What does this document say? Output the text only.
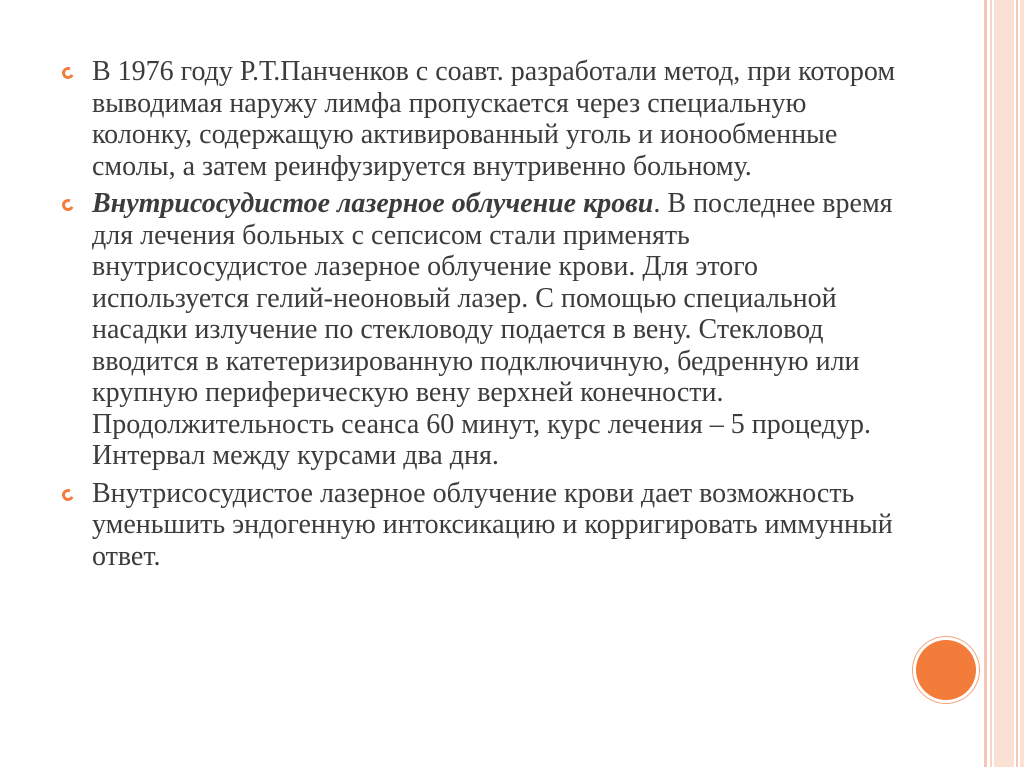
В 1976 году Р.Т.Панченков с соавт. разработали метод, при котором выводимая наружу лимфа пропускается через специальную колонку, содержащую активированный уголь и ионообменные смолы, а затем реинфузируется внутривенно больному.
Внутрисосудистое лазерное облучение крови. В последнее время для лечения больных с сепсисом стали применять внутрисосудистое лазерное облучение крови. Для этого используется гелий-неоновый лазер. С помощью специальной насадки излучение по стекловоду подается в вену. Стекловод вводится в катетеризированную подключичную, бедренную или крупную периферическую вену верхней конечности. Продолжительность сеанса 60 минут, курс лечения – 5 процедур. Интервал между курсами два дня.
Внутрисосудистое лазерное облучение крови дает возможность уменьшить эндогенную интоксикацию и корригировать иммунный ответ.
